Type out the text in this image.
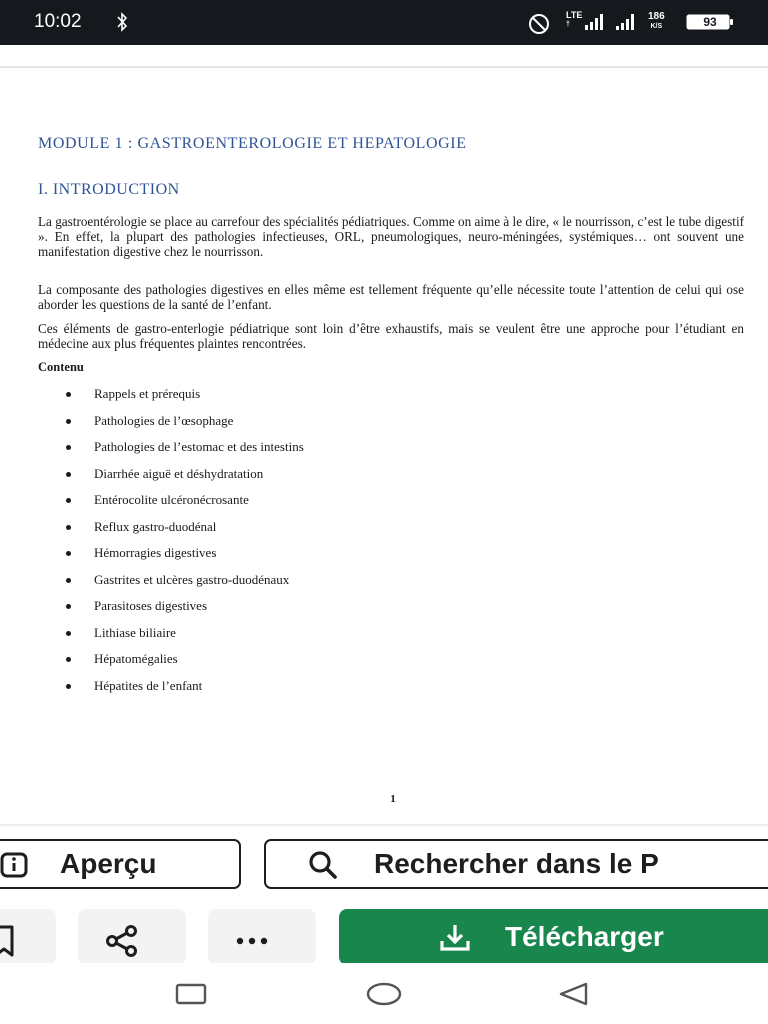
10:02	LTE
†
186
K/S	93
MODULE 1 : GASTROENTEROLOGIE ET HEPATOLOGIE
I. INTRODUCTION

La gastroentérologie se place au carrefour des spécialités pédiatriques. Comme on aime à le dire, « le nourrisson, c’est le tube digestif ». En effet, la plupart des pathologies infectieuses, ORL, pneumologiques, neuro-méningées, systémiques… ont souvent une manifestation digestive chez le nourrisson.

La composante des pathologies digestives en elles même est tellement fréquente qu’elle nécessite toute l’attention de celui qui ose aborder les questions de la santé de l’enfant.

Ces éléments de gastro-enterlogie pédiatrique sont loin d’être exhaustifs, mais se veulent être une approche pour l’étudiant en médecine aux plus fréquentes plaintes rencontrées.

Contenu
Rappels et prérequis
Pathologies de l’œsophage
Pathologies de l’estomac et des intestins
Diarrhée aiguë et déshydratation
Entérocolite ulcéronécrosante
Reflux gastro-duodénal
Hémorragies digestives
Gastrites et ulcères gastro-duodénaux
Parasitoses digestives
Lithiase biliaire
Hépatomégalies
Hépatites de l’enfant
1
Aperçu	Rechercher dans le P
Télécharger
